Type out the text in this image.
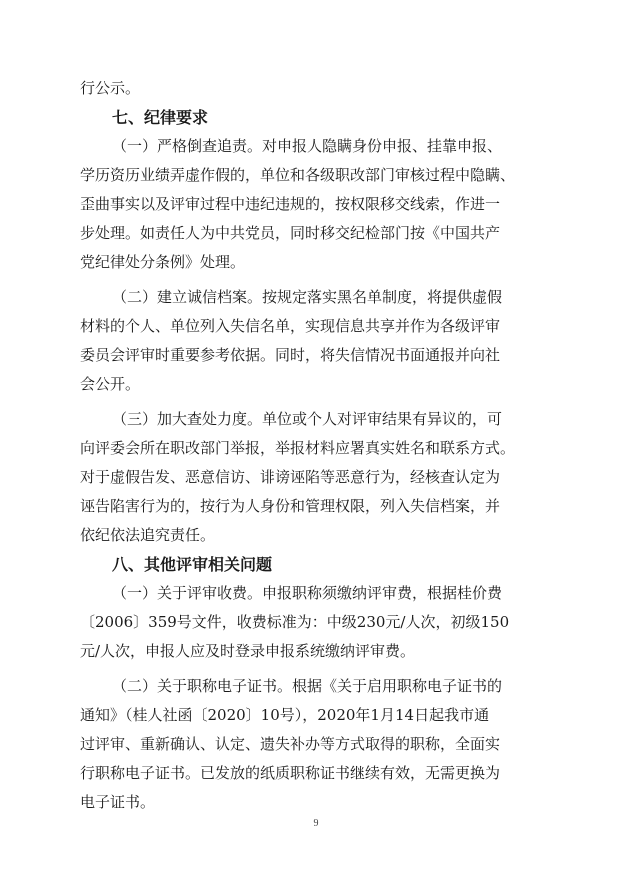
行公示。
七、纪律要求
（一）严格倒查追责。对申报人隐瞒身份申报、挂靠申报、
学历资历业绩弄虚作假的，单位和各级职改部门审核过程中隐瞒、
歪曲事实以及评审过程中违纪违规的，按权限移交线索，作进一
步处理。如责任人为中共党员，同时移交纪检部门按《中国共产
党纪律处分条例》处理。
（二）建立诚信档案。按规定落实黑名单制度，将提供虚假
材料的个人、单位列入失信名单，实现信息共享并作为各级评审
委员会评审时重要参考依据。同时，将失信情况书面通报并向社
会公开。
（三）加大查处力度。单位或个人对评审结果有异议的，可
向评委会所在职改部门举报，举报材料应署真实姓名和联系方式。
对于虚假告发、恶意信访、诽谤诬陷等恶意行为，经核查认定为
诬告陷害行为的，按行为人身份和管理权限，列入失信档案，并
依纪依法追究责任。
八、其他评审相关问题
（一）关于评审收费。申报职称须缴纳评审费，根据桂价费
〔2006〕359号文件，收费标准为：中级230元/人次，初级150
元/人次，申报人应及时登录申报系统缴纳评审费。
（二）关于职称电子证书。根据《关于启用职称电子证书的
通知》（桂人社函〔2020〕10号），2020年1月14日起我市通
过评审、重新确认、认定、遗失补办等方式取得的职称，全面实
行职称电子证书。已发放的纸质职称证书继续有效，无需更换为
电子证书。
9
